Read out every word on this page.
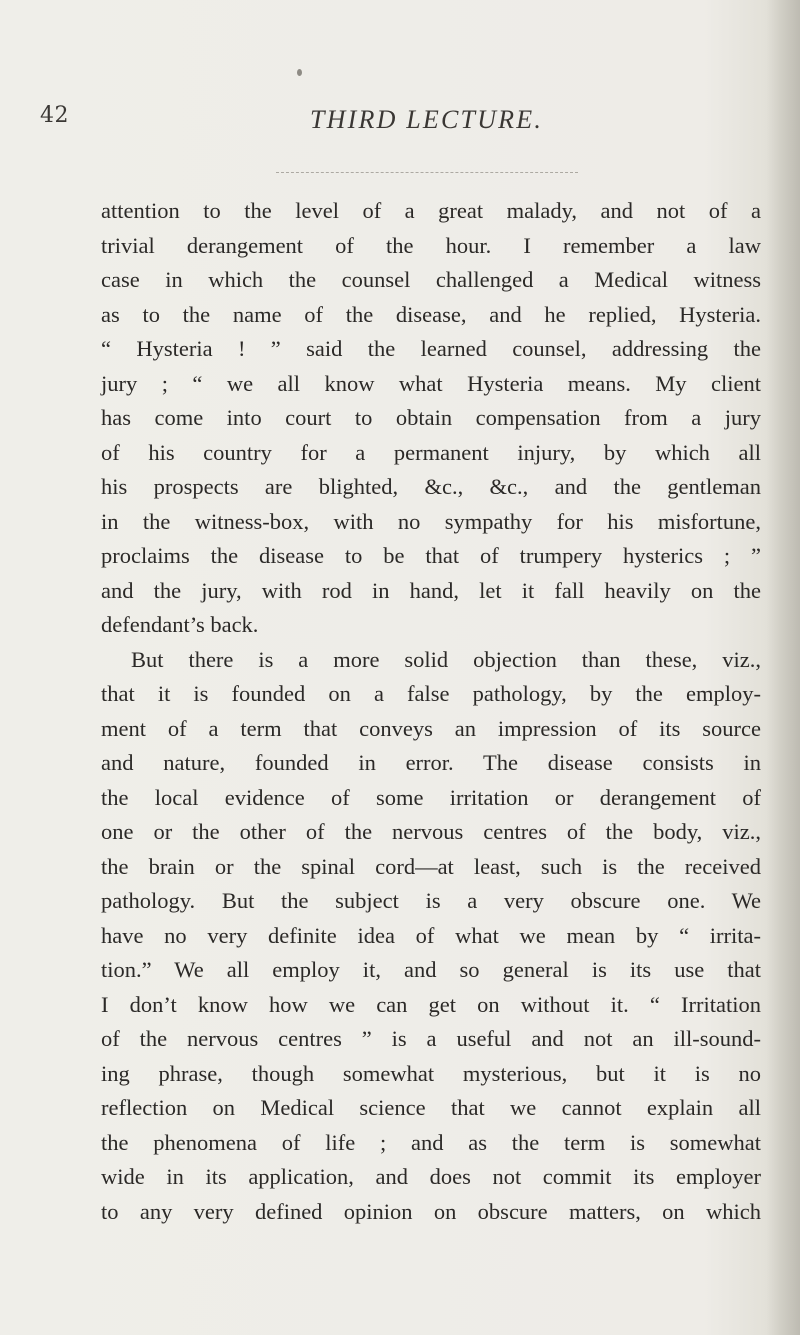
42	THIRD LECTURE.
attention to the level of a great malady, and not of a
trivial derangement of the hour. I remember a law
case in which the counsel challenged a Medical witness
as to the name of the disease, and he replied, Hysteria.
“ Hysteria ! ” said the learned counsel, addressing the
jury ; “ we all know what Hysteria means. My client
has come into court to obtain compensation from a jury
of his country for a permanent injury, by which all
his prospects are blighted, &c., &c., and the gentleman
in the witness-box, with no sympathy for his misfortune,
proclaims the disease to be that of trumpery hysterics ; ”
and the jury, with rod in hand, let it fall heavily on the
defendant’s back.
But there is a more solid objection than these, viz.,
that it is founded on a false pathology, by the employ-
ment of a term that conveys an impression of its source
and nature, founded in error. The disease consists in
the local evidence of some irritation or derangement of
one or the other of the nervous centres of the body, viz.,
the brain or the spinal cord—at least, such is the received
pathology. But the subject is a very obscure one. We
have no very definite idea of what we mean by “ irrita-
tion.” We all employ it, and so general is its use that
I don’t know how we can get on without it. “ Irritation
of the nervous centres ” is a useful and not an ill-sound-
ing phrase, though somewhat mysterious, but it is no
reflection on Medical science that we cannot explain all
the phenomena of life ; and as the term is somewhat
wide in its application, and does not commit its employer
to any very defined opinion on obscure matters, on which
